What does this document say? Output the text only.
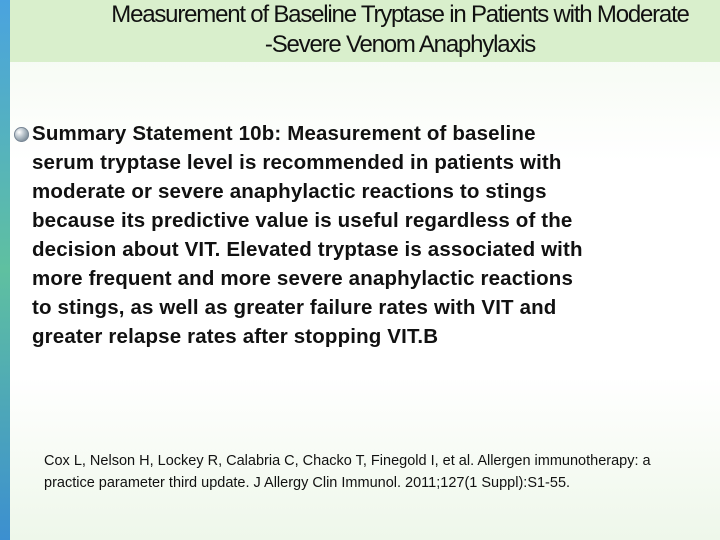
Measurement of Baseline Tryptase in Patients with Moderate
-Severe Venom Anaphylaxis
Summary Statement 10b: Measurement of baseline
serum tryptase level is recommended in patients with
moderate or severe anaphylactic reactions to stings
because its predictive value is useful regardless of the
decision about VIT. Elevated tryptase is associated with
more frequent and more severe anaphylactic reactions
to stings, as well as greater failure rates with VIT and
greater relapse rates after stopping VIT.B
Cox L, Nelson H, Lockey R, Calabria C, Chacko T, Finegold I, et al. Allergen immunotherapy: a
practice parameter third update. J Allergy Clin Immunol. 2011;127(1 Suppl):S1-55.
